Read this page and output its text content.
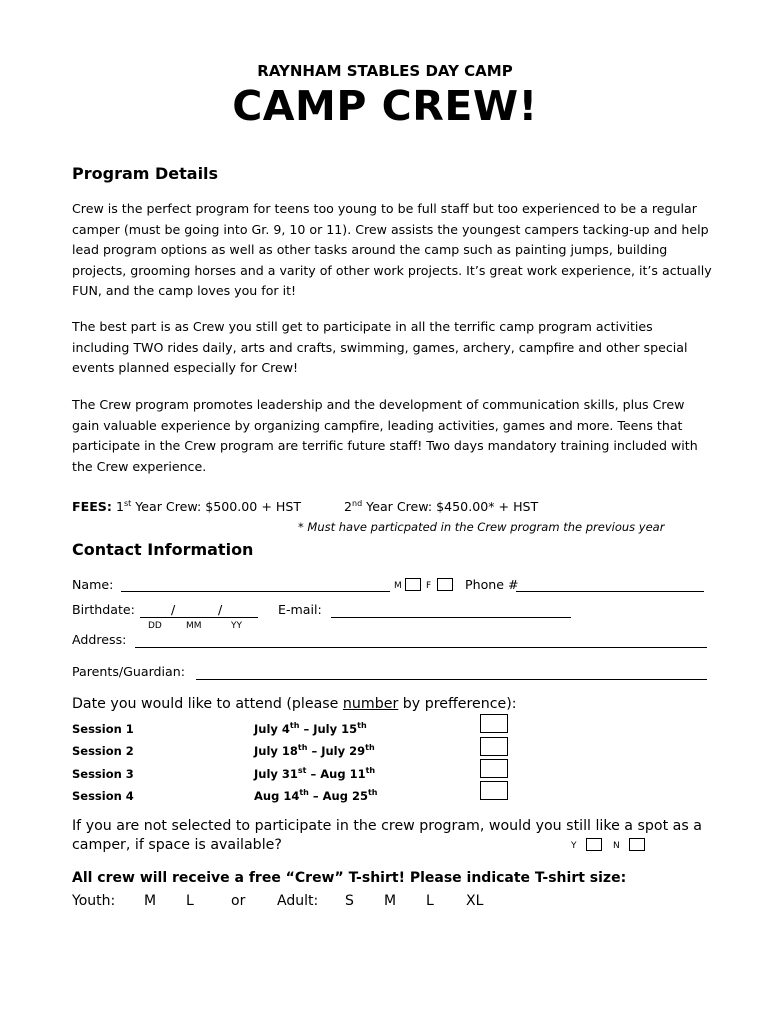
RAYNHAM STABLES DAY CAMP
CAMP CREW!
Program Details
Crew is the perfect program for teens too young to be full staff but too experienced to be a regular camper (must be going into Gr. 9, 10 or 11). Crew assists the youngest campers tacking-up and help lead program options as well as other tasks around the camp such as painting jumps, building projects, grooming horses and a varity of other work projects. It’s great work experience, it’s actually FUN, and the camp loves you for it!
The best part is as Crew you still get to participate in all the terrific camp program activities including TWO rides daily, arts and crafts, swimming, games, archery, campfire and other special events planned especially for Crew!
The Crew program promotes leadership and the development of communication skills, plus Crew gain valuable experience by organizing campfire, leading activities, games and more. Teens that participate in the Crew program are terrific future staff! Two days mandatory training included with the Crew experience.
FEES: 1st Year Crew: $500.00 + HST	2nd Year Crew: $450.00* + HST
* Must have particpated in the Crew program the previous year
Contact Information
Name:	M	F	Phone #
Birthdate:	/	/
DD	MM	YY
E-mail:
Address:
Parents/Guardian:
Date you would like to attend (please number by prefference):
Session 1	July 4th – July 15th
Session 2	July 18th – July 29th
Session 3	July 31st – Aug 11th
Session 4	Aug 14th – Aug 25th
If you are not selected to participate in the crew program, would you still like a spot as a
camper, if space is available?	Y	N
All crew will receive a free “Crew” T-shirt! Please indicate T-shirt size:
Youth: M L	or Adult: S M L XL
